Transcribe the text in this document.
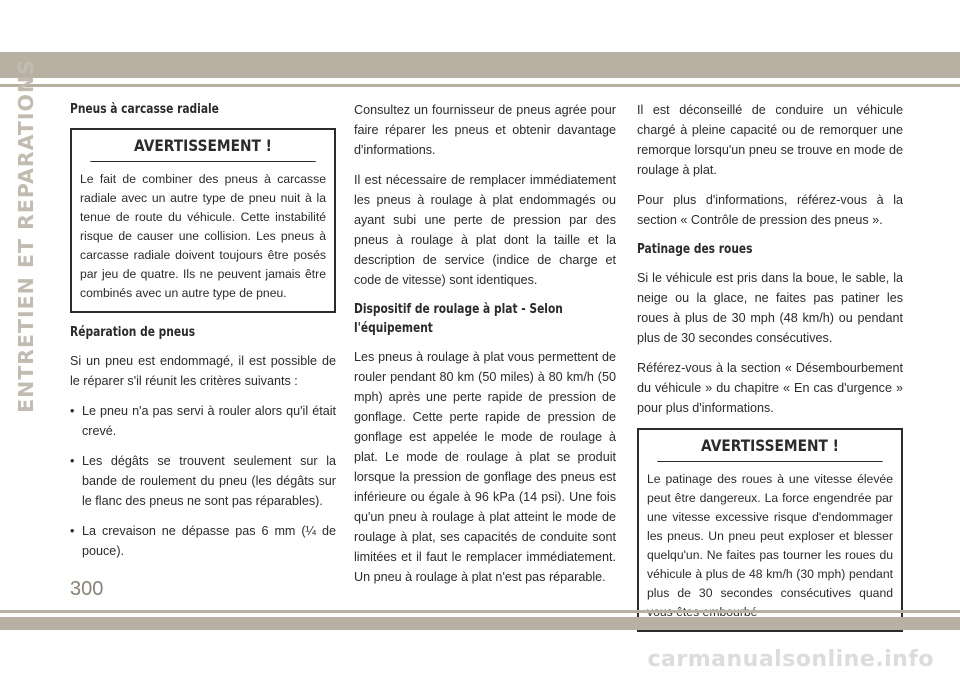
ENTRETIEN ET REPARATIONS Pneus à carcasse radiale
AVERTISSEMENT !
Le fait de combiner des pneus à carcasse radiale avec un autre type de pneu nuit à la tenue de route du véhicule. Cette instabilité risque de causer une collision. Les pneus à carcasse radiale doivent toujours être posés par jeu de quatre. Ils ne peuvent jamais être combinés avec un autre type de pneu.
Réparation de pneus

Si un pneu est endommagé, il est possible de le réparer s'il réunit les critères suivants :

• Le pneu n'a pas servi à rouler alors qu'il était crevé.
• Les dégâts se trouvent seulement sur la bande de roulement du pneu (les dégâts sur le flanc des pneus ne sont pas réparables).
• La crevaison ne dépasse pas 6 mm (¼ de pouce).

Consultez un fournisseur de pneus agrée pour faire réparer les pneus et obtenir davantage d'informations.

Il est nécessaire de remplacer immédiatement les pneus à roulage à plat endommagés ou ayant subi une perte de pression par des pneus à roulage à plat dont la taille et la description de service (indice de charge et code de vitesse) sont identiques.

Dispositif de roulage à plat - Selon l'équipement

Les pneus à roulage à plat vous permettent de rouler pendant 80 km (50 miles) à 80 km/h (50 mph) après une perte rapide de pression de gonflage. Cette perte rapide de pression de gonflage est appelée le mode de roulage à plat. Le mode de roulage à plat se produit lorsque la pression de gonflage des pneus est inférieure ou égale à 96 kPa (14 psi). Une fois qu'un pneu à roulage à plat atteint le mode de roulage à plat, ses capacités de conduite sont limitées et il faut le remplacer immédiatement. Un pneu à roulage à plat n'est pas réparable.

Il est déconseillé de conduire un véhicule chargé à pleine capacité ou de remorquer une remorque lorsqu'un pneu se trouve en mode de roulage à plat.

Pour plus d'informations, référez-vous à la section « Contrôle de pression des pneus ».

Patinage des roues

Si le véhicule est pris dans la boue, le sable, la neige ou la glace, ne faites pas patiner les roues à plus de 30 mph (48 km/h) ou pendant plus de 30 secondes consécutives.

Référez-vous à la section « Désembourbement du véhicule » du chapitre « En cas d'urgence » pour plus d'informations.

AVERTISSEMENT !
Le patinage des roues à une vitesse élevée peut être dangereux. La force engendrée par une vitesse excessive risque d'endommager les pneus. Un pneu peut exploser et blesser quelqu'un. Ne faites pas tourner les roues du véhicule à plus de 48 km/h (30 mph) pendant plus de 30 secondes consécutives quand
300
carmanualsonline.info
